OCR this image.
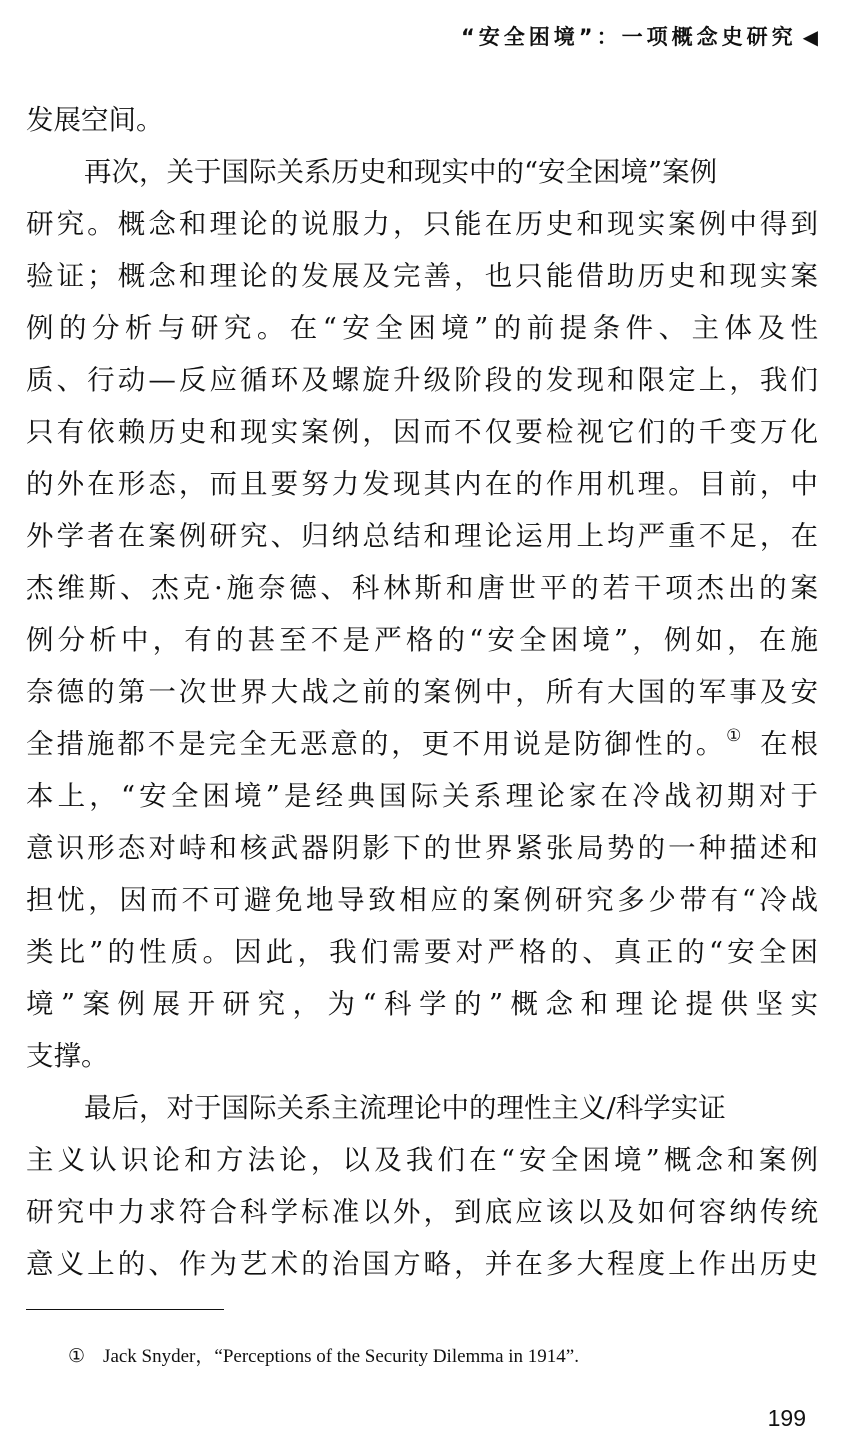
“安全困境”：一项概念史研究 ◀
发展空间。
再次，关于国际关系历史和现实中的“安全困境”案例
研究。概念和理论的说服力，只能在历史和现实案例中得到
验证；概念和理论的发展及完善，也只能借助历史和现实案
例的分析与研究。在“安全困境”的前提条件、主体及性
质、行动—反应循环及螺旋升级阶段的发现和限定上，我们
只有依赖历史和现实案例，因而不仅要检视它们的千变万化
的外在形态，而且要努力发现其内在的作用机理。目前，中
外学者在案例研究、归纳总结和理论运用上均严重不足，在
杰维斯、杰克·施奈德、科林斯和唐世平的若干项杰出的案
例分析中，有的甚至不是严格的“安全困境”，例如，在施
奈德的第一次世界大战之前的案例中，所有大国的军事及安
全措施都不是完全无恶意的，更不用说是防御性的。① 在根
本上，“安全困境”是经典国际关系理论家在冷战初期对于
意识形态对峙和核武器阴影下的世界紧张局势的一种描述和
担忧，因而不可避免地导致相应的案例研究多少带有“冷战
类比”的性质。因此，我们需要对严格的、真正的“安全困
境”案例展开研究，为“科学的”概念和理论提供坚实
支撑。
最后，对于国际关系主流理论中的理性主义/科学实证
主义认识论和方法论，以及我们在“安全困境”概念和案例
研究中力求符合科学标准以外，到底应该以及如何容纳传统
意义上的、作为艺术的治国方略，并在多大程度上作出历史
① Jack Snyder，“Perceptions of the Security Dilemma in 1914”.
199
